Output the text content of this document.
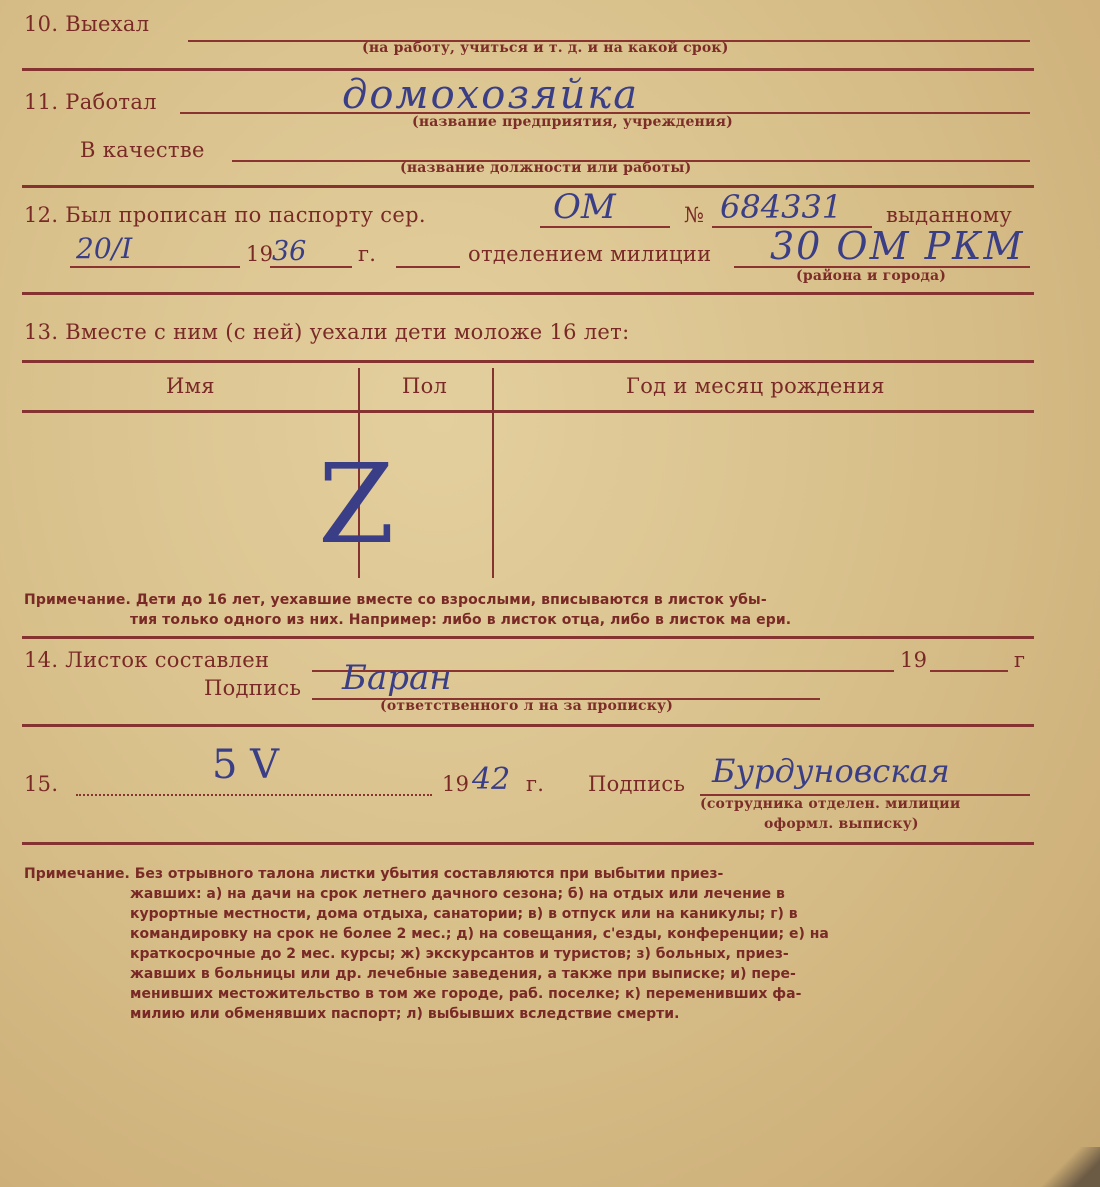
10. Выехал
(на работу, учиться и т. д. и на какой срок)
11. Работал	домохозяйка
(название предприятия, учреждения)
В качестве
(название должности или работы)
12. Был прописан по паспорту сер.	ОМ	№ 684331 выданному
20/I	19
36 г.	отделением милиции 30 ОМ РКМ
(района и города)
13. Вместе с ним (с ней) уехали дети моложе 16 лет:
Имя	Пол	Год и месяц рождения
Z
Примечание. Дети до 16 лет, уехавшие вместе со взрослыми, вписываются в листок убы-
тия только одного из них. Например: либо в листок отца, либо в листок ма ери.
14. Листок составлен	19	г
Подпись Баран
(ответственного л на за прописку)
15.	5 V	19 42 г. Подпись Бурдуновская
(сотрудника отделен. милиции
оформл. выписку)
Примечание. Без отрывного талона листки убытия составляются при выбытии приез-
жавших: а) на дачи на срок летнего дачного сезона; б) на отдых или лечение в
курортные местности, дома отдыха, санатории; в) в отпуск или на каникулы; г) в
командировку на срок не более 2 мес.; д) на совещания, с'езды, конференции; е) на
краткосрочные до 2 мес. курсы; ж) экскурсантов и туристов; з) больных, приез-
жавших в больницы или др. лечебные заведения, а также при выписке; и) пере-
менивших местожительство в том же городе, раб. поселке; к) переменивших фа-
милию или обменявших паспорт; л) выбывших вследствие смерти.
